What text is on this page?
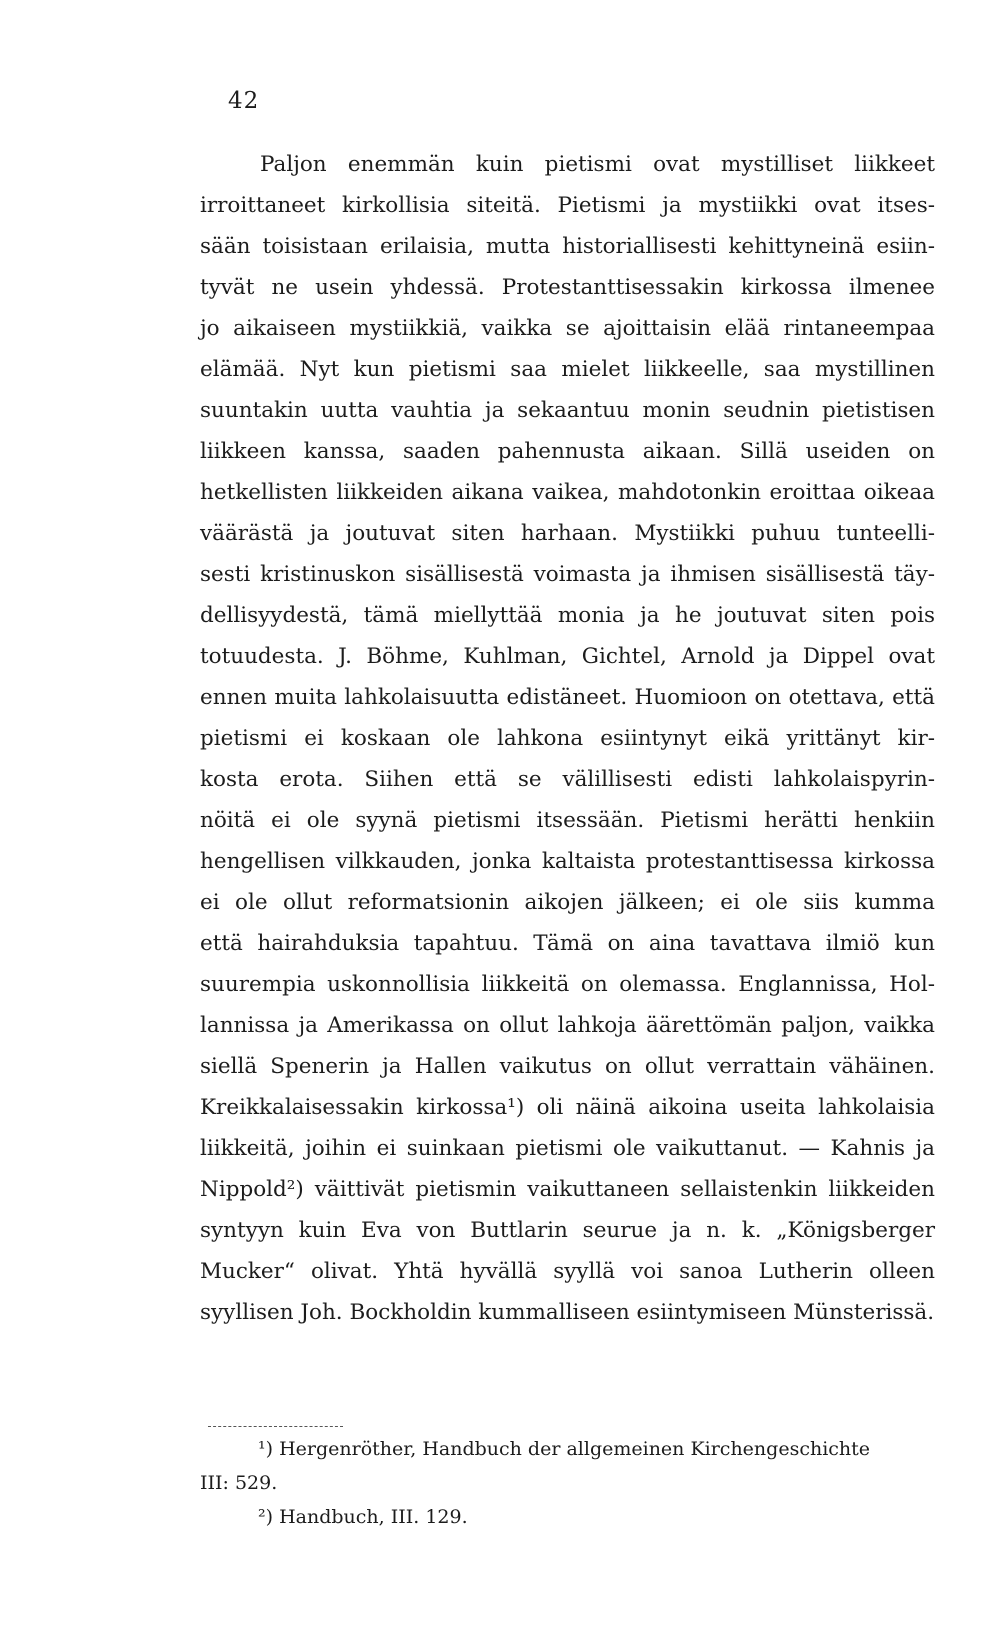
42
Paljon enemmän kuin pietismi ovat mystilliset liikkeet
irroittaneet kirkollisia siteitä. Pietismi ja mystiikki ovat itses-
sään toisistaan erilaisia, mutta historiallisesti kehittyneinä esiin-
tyvät ne usein yhdessä. Protestanttisessakin kirkossa ilmenee
jo aikaiseen mystiikkiä, vaikka se ajoittaisin elää rintaneempaa
elämää. Nyt kun pietismi saa mielet liikkeelle, saa mystillinen
suuntakin uutta vauhtia ja sekaantuu monin seudnin pietistisen
liikkeen kanssa, saaden pahennusta aikaan. Sillä useiden on
hetkellisten liikkeiden aikana vaikea, mahdotonkin eroittaa oikeaa
väärästä ja joutuvat siten harhaan. Mystiikki puhuu tunteelli-
sesti kristinuskon sisällisestä voimasta ja ihmisen sisällisestä täy-
dellisyydestä, tämä miellyttää monia ja he joutuvat siten pois
totuudesta. J. Böhme, Kuhlman, Gichtel, Arnold ja Dippel ovat
ennen muita lahkolaisuutta edistäneet. Huomioon on otettava, että
pietismi ei koskaan ole lahkona esiintynyt eikä yrittänyt kir-
kosta erota. Siihen että se välillisesti edisti lahkolaispyrin-
nöitä ei ole syynä pietismi itsessään. Pietismi herätti henkiin
hengellisen vilkkauden, jonka kaltaista protestanttisessa kirkossa
ei ole ollut reformatsionin aikojen jälkeen; ei ole siis kumma
että hairahduksia tapahtuu. Tämä on aina tavattava ilmiö kun
suurempia uskonnollisia liikkeitä on olemassa. Englannissa, Hol-
lannissa ja Amerikassa on ollut lahkoja äärettömän paljon, vaikka
siellä Spenerin ja Hallen vaikutus on ollut verrattain vähäinen.
Kreikkalaisessakin kirkossa¹) oli näinä aikoina useita lahkolaisia
liikkeitä, joihin ei suinkaan pietismi ole vaikuttanut. — Kahnis ja
Nippold²) väittivät pietismin vaikuttaneen sellaistenkin liikkeiden
syntyyn kuin Eva von Buttlarin seurue ja n. k. „Königsberger
Mucker“ olivat. Yhtä hyvällä syyllä voi sanoa Lutherin olleen
syyllisen Joh. Bockholdin kummalliseen esiintymiseen Münsterissä.
¹) Hergenröther, Handbuch der allgemeinen Kirchengeschichte
III: 529.
²) Handbuch, III. 129.
